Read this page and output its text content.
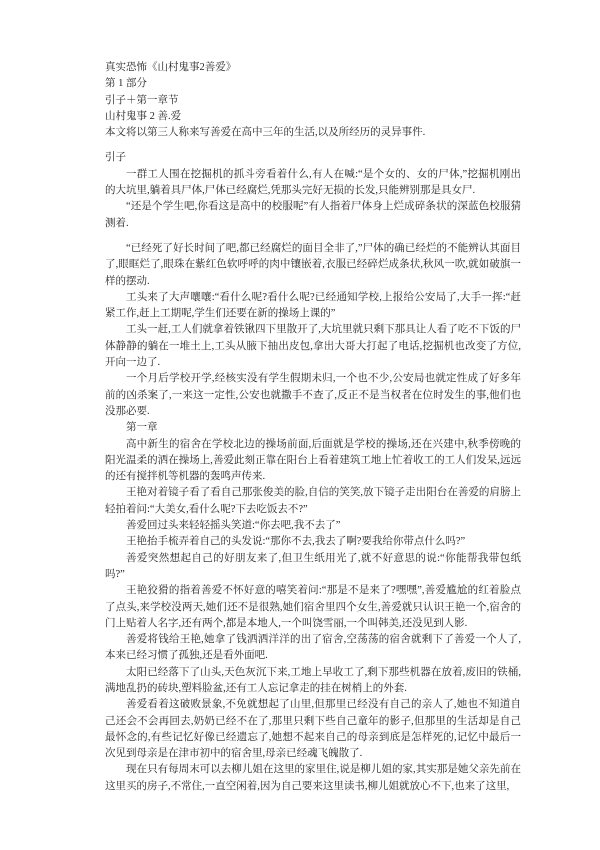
真实恐怖《山村鬼事2善爱》

第 1 部分

引子＋第一章节

山村鬼事 2 善.爱

本文将以第三人称来写善爱在高中三年的生活,以及所经历的灵异事件.

引子

一群工人围在挖掘机的抓斗旁看着什么,有人在喊:“是个女的、女的尸体,”挖掘机刚出的大坑里,躺着具尸体,尸体已经腐烂,凭那头完好无损的长发,只能辨别那是具女尸.

“还是个学生吧,你看这是高中的校服呢”有人指着尸体身上烂成碎条状的深蓝色校服猜测着.

“已经死了好长时间了吧,都已经腐烂的面目全非了,”尸体的确已经烂的不能辨认其面目了,眼眶烂了,眼珠在紫红色软呼呼的肉中镶嵌着,衣服已经碎烂成条状,秋风一吹,就如破旗一样的摆动.

工头来了大声嚷嚷:“看什么呢?看什么呢?已经通知学校,上报给公安局了,大手一挥:“赶紧工作,赶上工期呢,学生们还要在新的操场上课的”

工头一赶,工人们就拿着铁锹四下里散开了,大坑里就只剩下那具让人看了吃不下饭的尸体静静的躺在一堆土上,工头从腋下抽出皮包,拿出大哥大打起了电话,挖掘机也改变了方位,开向一边了.

一个月后学校开学,经核实没有学生假期未归,一个也不少,公安局也就定性成了好多年前的凶杀案了,一来这一定性,公安也就撒手不查了,反正不是当权者在位时发生的事,他们也没那必要.

第一章

高中新生的宿舍在学校北边的操场前面,后面就是学校的操场,还在兴建中,秋季傍晚的阳光温柔的洒在操场上,善爱此刻正靠在阳台上看着建筑工地上忙着收工的工人们发呆,远远的还有搅拌机等机器的轰鸣声传来.

王艳对着镜子看了看自己那张俊美的脸,自信的笑笑,放下镜子走出阳台在善爱的肩膀上轻拍着问:“大美女,看什么呢?下去吃饭去不?”

善爱回过头来轻轻摇头笑道:“你去吧,我不去了”

王艳抬手梳弄着自己的头发说:“那你不去,我去了啊?要我给你带点什么吗?”

善爱突然想起自己的好朋友来了,但卫生纸用光了,就不好意思的说:“你能帮我带包纸吗?”

王艳狡猾的指着善爱不怀好意的嘻笑着问:“那是不是来了?嘿嘿”,善爱尴尬的红着脸点了点头,来学校没两天,她们还不是很熟,她们宿舍里四个女生,善爱就只认识王艳一个,宿舍的门上贴着人名字,还有两个,都是本地人,一个叫饶雪丽,一个叫韩美,还没见到人影.

善爱将钱给王艳,她拿了钱洒洒洋洋的出了宿舍,空荡荡的宿舍就剩下了善爱一个人了,本来已经习惯了孤独,还是看外面吧.

太阳已经落下了山头,天色灰沉下来,工地上早收工了,剩下那些机器在放着,废旧的铁桶,满地乱扔的砖块,塑料脸盆,还有工人忘记拿走的挂在树梢上的外套.

善爱看着这破败景象,不免就想起了山里,但那里已经没有自己的亲人了,她也不知道自己还会不会再回去,奶奶已经不在了,那里只剩下些自己童年的影子,但那里的生活却是自己最怀念的,有些记忆好像已经遗忘了,她想不起来自己的母亲到底是怎样死的,记忆中最后一次见到母亲是在津市初中的宿舍里,母亲已经魂飞魄散了.

现在只有每周末可以去柳儿姐在这里的家里住,说是柳儿姐的家,其实那是她父亲先前在这里买的房子,不常住,一直空闲着,因为自己要来这里读书,柳儿姐就放心不下,也来了这里,
